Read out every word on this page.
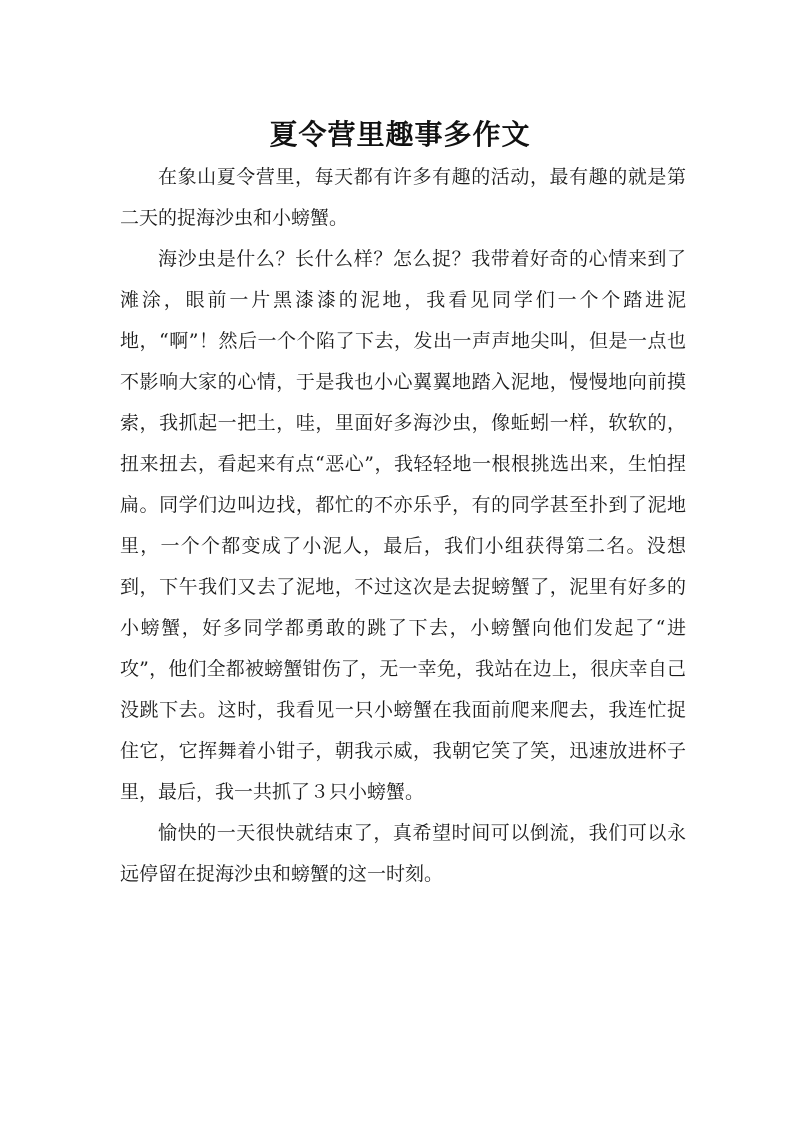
夏令营里趣事多作文

在象山夏令营里，每天都有许多有趣的活动，最有趣的就是第二天的捉海沙虫和小螃蟹。

海沙虫是什么？长什么样？怎么捉？我带着好奇的心情来到了滩涂，眼前一片黑漆漆的泥地，我看见同学们一个个踏进泥地，“啊”！然后一个个陷了下去，发出一声声地尖叫，但是一点也不影响大家的心情，于是我也小心翼翼地踏入泥地，慢慢地向前摸索，我抓起一把土，哇，里面好多海沙虫，像蚯蚓一样，软软的，扭来扭去，看起来有点“恶心”，我轻轻地一根根挑选出来，生怕捏扁。同学们边叫边找，都忙的不亦乐乎，有的同学甚至扑到了泥地里，一个个都变成了小泥人，最后，我们小组获得第二名。没想到，下午我们又去了泥地，不过这次是去捉螃蟹了，泥里有好多的小螃蟹，好多同学都勇敢的跳了下去，小螃蟹向他们发起了“进攻”，他们全都被螃蟹钳伤了，无一幸免，我站在边上，很庆幸自己没跳下去。这时，我看见一只小螃蟹在我面前爬来爬去，我连忙捉住它，它挥舞着小钳子，朝我示威，我朝它笑了笑，迅速放进杯子里，最后，我一共抓了３只小螃蟹。

愉快的一天很快就结束了，真希望时间可以倒流，我们可以永远停留在捉海沙虫和螃蟹的这一时刻。
